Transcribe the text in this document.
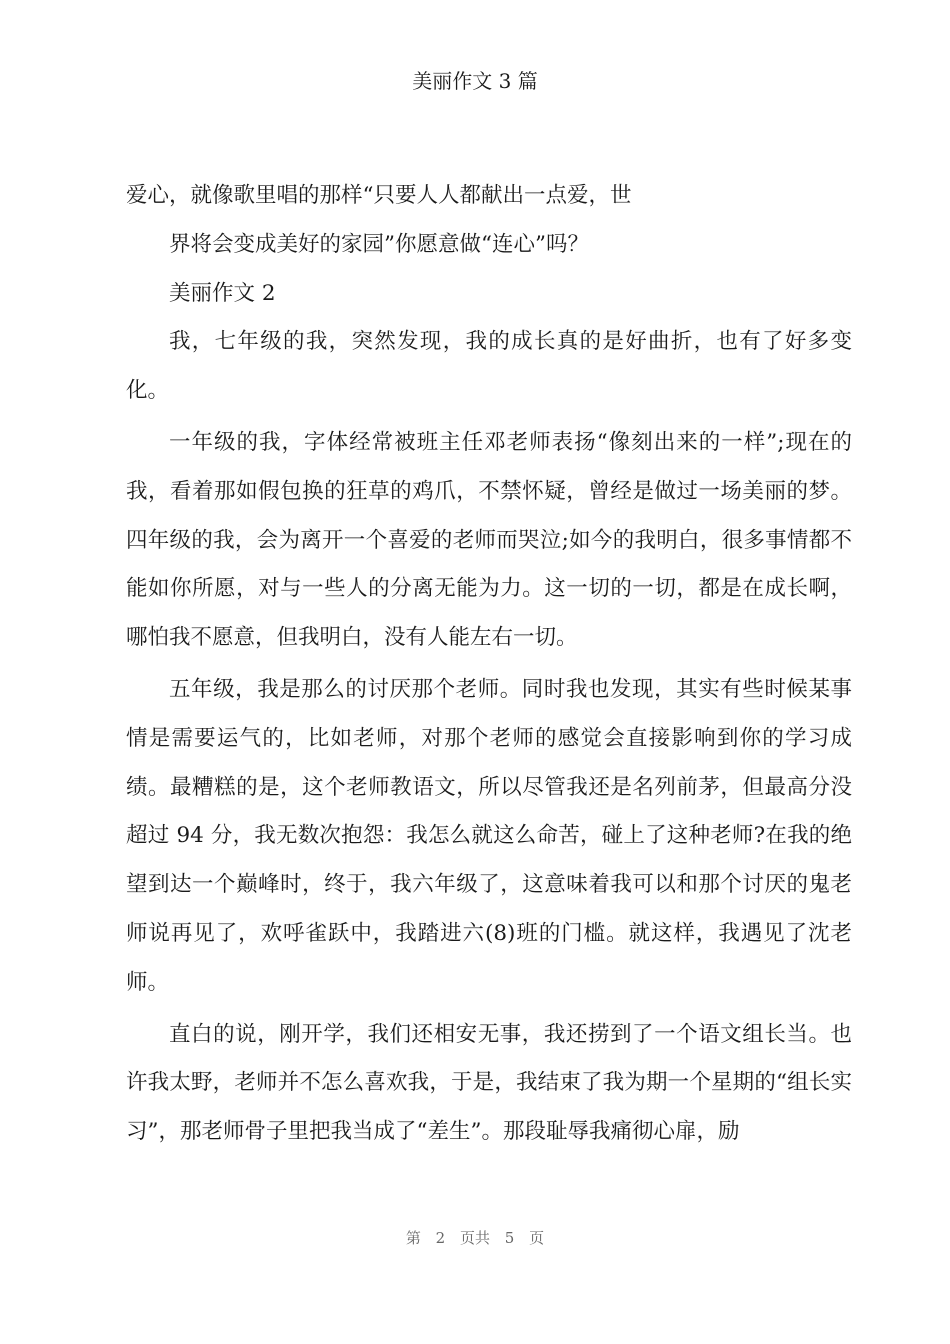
美丽作文 3 篇

爱心，就像歌里唱的那样“只要人人都献出一点爱，世

界将会变成美好的家园”你愿意做“连心”吗？

美丽作文 2

我，七年级的我，突然发现，我的成长真的是好曲折，也有了好多变化。

一年级的我，字体经常被班主任邓老师表扬“像刻出来的一样”;现在的我，看着那如假包换的狂草的鸡爪，不禁怀疑，曾经是做过一场美丽的梦。四年级的我，会为离开一个喜爱的老师而哭泣;如今的我明白，很多事情都不能如你所愿，对与一些人的分离无能为力。这一切的一切，都是在成长啊，哪怕我不愿意，但我明白，没有人能左右一切。

五年级，我是那么的讨厌那个老师。同时我也发现，其实有些时候某事情是需要运气的，比如老师，对那个老师的感觉会直接影响到你的学习成绩。最糟糕的是，这个老师教语文，所以尽管我还是名列前茅，但最高分没超过 94 分，我无数次抱怨：我怎么就这么命苦，碰上了这种老师?在我的绝望到达一个巅峰时，终于，我六年级了，这意味着我可以和那个讨厌的鬼老师说再见了，欢呼雀跃中，我踏进六(8)班的门槛。就这样，我遇见了沈老师。

直白的说，刚开学，我们还相安无事，我还捞到了一个语文组长当。也许我太野，老师并不怎么喜欢我，于是，我结束了我为期一个星期的“组长实习”，那老师骨子里把我当成了“差生”。那段耻辱我痛彻心扉，励

第 2 页共 5 页
